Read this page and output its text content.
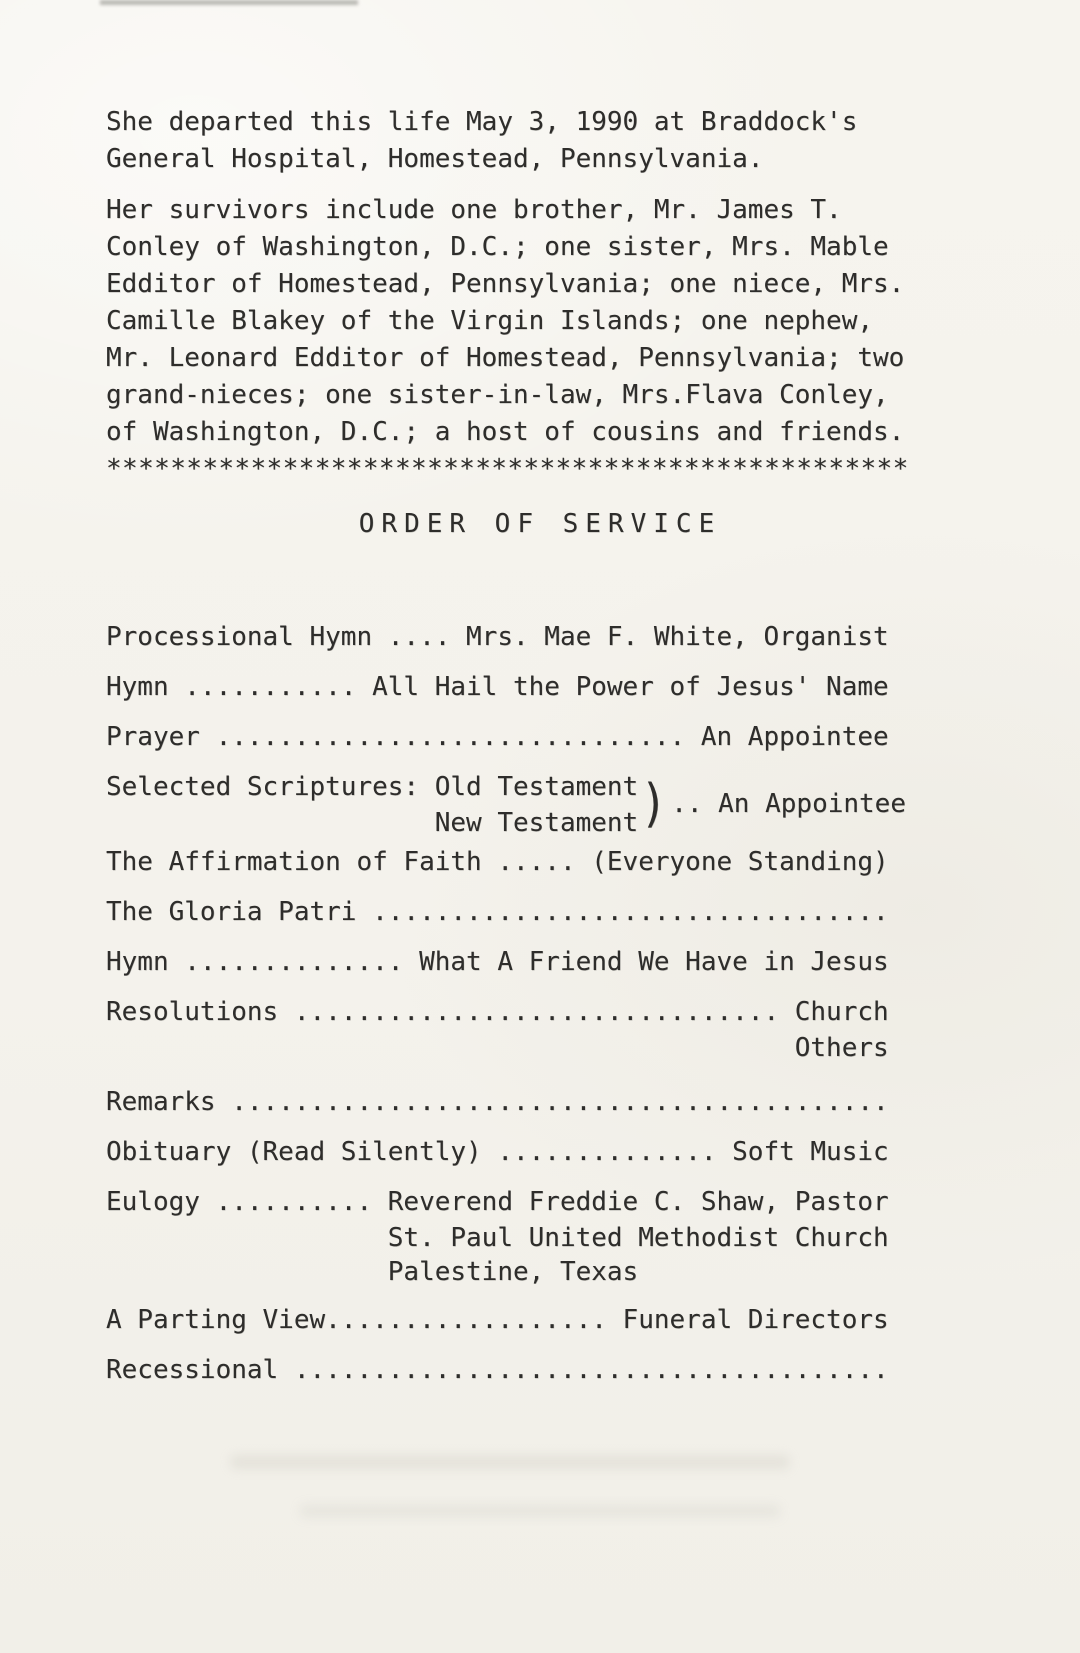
She departed this life May 3, 1990 at Braddock's
General Hospital, Homestead, Pennsylvania.
Her survivors include one brother, Mr. James T.
Conley of Washington, D.C.; one sister, Mrs. Mable
Edditor of Homestead, Pennsylvania; one niece, Mrs.
Camille Blakey of the Virgin Islands; one nephew,
Mr. Leonard Edditor of Homestead, Pennsylvania; two
grand-nieces; one sister-in-law, Mrs.Flava Conley,
of Washington, D.C.; a host of cousins and friends.
**************************************************
ORDER OF SERVICE
Processional Hymn .... Mrs. Mae F. White, Organist
Hymn ........... All Hail the Power of Jesus' Name
Prayer .............................. An Appointee
Selected Scriptures: Old Testament
New Testament ) .. An Appointee
The Affirmation of Faith ..... (Everyone Standing)
The Gloria Patri .................................
Hymn .............. What A Friend We Have in Jesus
Resolutions ............................... Church
Others
Remarks ..........................................
Obituary (Read Silently) .............. Soft Music
Eulogy .......... Reverend Freddie C. Shaw, Pastor
St. Paul United Methodist Church
Palestine, Texas
A Parting View.................. Funeral Directors
Recessional ......................................
